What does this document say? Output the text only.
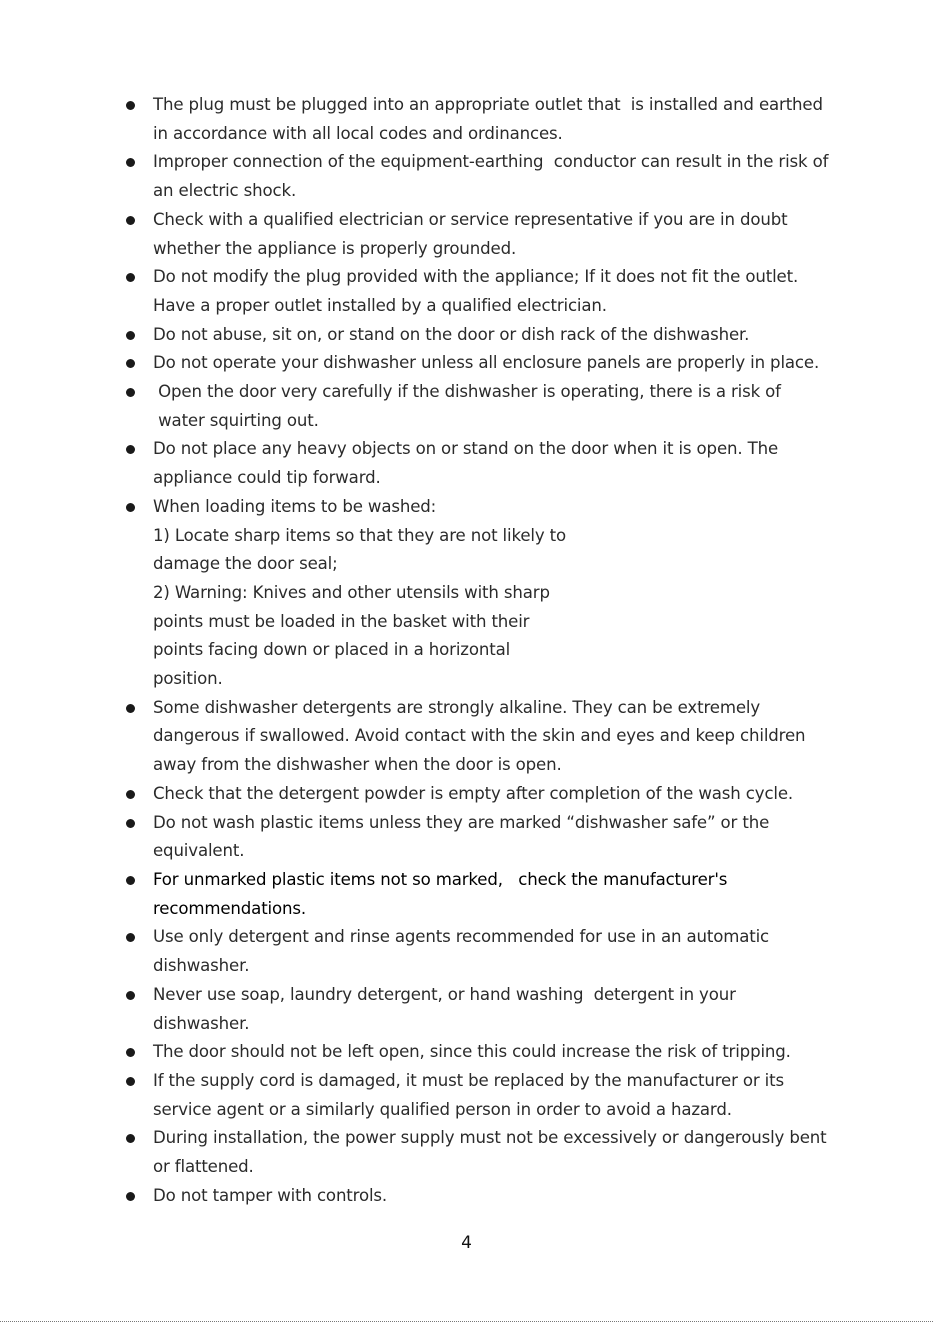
The plug must be plugged into an appropriate outlet that  is installed and earthed
in accordance with all local codes and ordinances.
Improper connection of the equipment-earthing  conductor can result in the risk of
an electric shock.
Check with a qualified electrician or service representative if you are in doubt
whether the appliance is properly grounded.
Do not modify the plug provided with the appliance; If it does not fit the outlet.
Have a proper outlet installed by a qualified electrician.
Do not abuse, sit on, or stand on the door or dish rack of the dishwasher.
Do not operate your dishwasher unless all enclosure panels are properly in place.
Open the door very carefully if the dishwasher is operating, there is a risk of
water squirting out.
Do not place any heavy objects on or stand on the door when it is open. The
appliance could tip forward.
When loading items to be washed:
1) Locate sharp items so that they are not likely to
damage the door seal;
2) Warning: Knives and other utensils with sharp
points must be loaded in the basket with their
points facing down or placed in a horizontal
position.
Some dishwasher detergents are strongly alkaline. They can be extremely
dangerous if swallowed. Avoid contact with the skin and eyes and keep children
away from the dishwasher when the door is open.
Check that the detergent powder is empty after completion of the wash cycle.
Do not wash plastic items unless they are marked “dishwasher safe” or the
equivalent.
For unmarked plastic items not so marked,   check the manufacturer's
recommendations.
Use only detergent and rinse agents recommended for use in an automatic
dishwasher.
Never use soap, laundry detergent, or hand washing  detergent in your
dishwasher.
The door should not be left open, since this could increase the risk of tripping.
If the supply cord is damaged, it must be replaced by the manufacturer or its
service agent or a similarly qualified person in order to avoid a hazard.
During installation, the power supply must not be excessively or dangerously bent
or flattened.
Do not tamper with controls.
4
